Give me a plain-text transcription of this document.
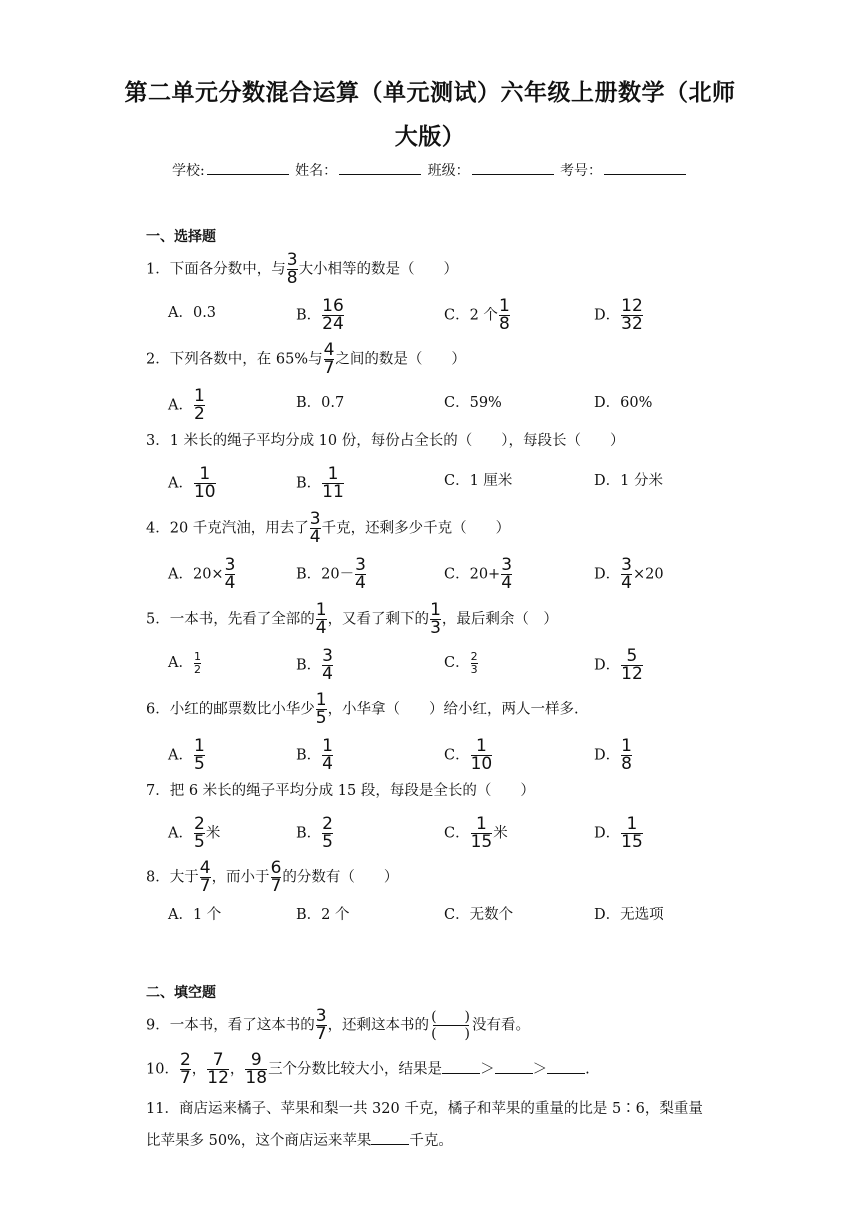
第二单元分数混合运算（单元测试）六年级上册数学（北师
大版）
学校:	姓名：	班级：	考号：
一、选择题
1．下面各分数中，与 $\frac{3}{8}$ 大小相等的数是（　　）
A．0.3	B． $\frac{16}{24}$	C．2 个 $\frac{1}{8}$	D． $\frac{12}{32}$
2．下列各数中，在 65%与 $\frac{4}{7}$ 之间的数是（　　）
A． $\frac{1}{2}$	B．0.7	C．59%	D．60%
3．1 米长的绳子平均分成 10 份，每份占全长的（　　），每段长（　　）
A． $\frac{1}{10}$	B． $\frac{1}{11}$	C．1 厘米	D．1 分米
4．20 千克汽油，用去了 $\frac{3}{4}$ 千克，还剩多少千克（　　）
A．$20\times \frac{3}{4}$	B．$20- \frac{3}{4}$	C．$20+ \frac{3}{4}$	D． $\frac{3}{4} \times 20$
5．一本书，先看了全部的 $\frac{1}{4}$ ，又看了剩下的 $\frac{1}{3}$ ，最后剩余（　）
A． $\frac{1}{2}$	B． $\frac{3}{4}$	C． $\frac{2}{3}$	D． $\frac{5}{12}$
6．小红的邮票数比小华少 $\frac{1}{5}$ ，小华拿（　　）给小红，两人一样多.
A． $\frac{1}{5}$	B． $\frac{1}{4}$	C． $\frac{1}{10}$	D． $\frac{1}{8}$
7．把 6 米长的绳子平均分成 15 段，每段是全长的（　　）
A． $\frac{2}{5}$ 米	B． $\frac{2}{5}$	C． $\frac{1}{15}$ 米	D． $\frac{1}{15}$
8．大于 $\frac{4}{7}$ ，而小于 $\frac{6}{7}$ 的分数有（　　）
A．1 个	B．2 个	C．无数个	D．无选项
二、填空题
9．一本书，看了这本书的 $\frac{3}{7}$ ，还剩这本书的
(　　)
(　　)
没有看。
10． $\frac{2}{7}$ ， $\frac{7}{12}$ ， $\frac{9}{18}$ 三个分数比较大小，结果是	＞	＞	.
11．商店运来橘子、苹果和梨一共 320 千克，橘子和苹果的重量的比是 5∶6，梨重量
比苹果多 50%，这个商店运来苹果	千克。
